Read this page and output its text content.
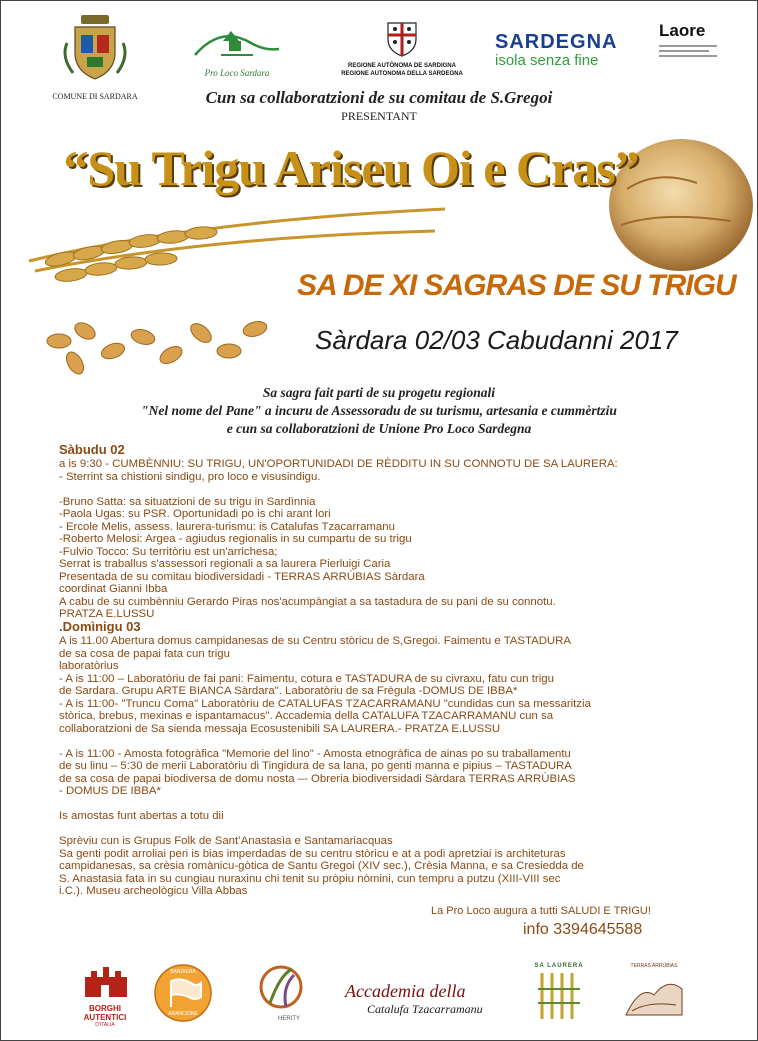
COMUNE DI SARDARA
Pro Loco Sardara
REGIONE AUTÒNOMA DE SARDIGNA
REGIONE AUTONOMA DELLA SARDEGNA
SARDEGNA
isola senza fine
Laore
Cun sa collaboratzioni de su comitau de S.Gregoi
PRESENTANT
“Su Trigu Ariseu Oi e Cras”
SA DE XI SAGRAS DE SU TRIGU
Sàrdara 02/03 Cabudanni 2017
Sa sagra fait parti de su progetu regionali
"Nel nome del Pane" a incuru de Assessoradu de su turismu, artesania e cummèrtziu
e cun sa collaboratzioni de Unione Pro Loco Sardegna
Sàbudu 02
a is 9:30 - CUMBÈNNIU: SU TRIGU, UN'OPORTUNIDADI DE RÈDDITU IN SU CONNOTU DE SA LAURERA:
- Sterrint sa chistioni sindigu, pro loco e visusindigu.

-Bruno Satta: sa situatzioni de su trigu in Sardìnnia
-Paola Ugas: su PSR. Oportunidadi po is chi arant lori
- Ercole Melis, assess. laurera-turismu: is Catalufas Tzacarramanu
-Roberto Melosi: Argea - agiudus regionalis in su cumpartu de su trigu
-Fulvio Tocco: Su territòriu est un'arrichesa;
Serrat is traballus s'assessori regionali a sa laurera Pierluigi Caria
Presentada de su comitau biodiversidadi - TERRAS ARRÙBIAS Sàrdara
coordinat Gianni Ibba
A cabu de su cumbènniu Gerardo Piras nos'acumpàngiat a sa tastadura de su pani de su connotu.
PRATZA E.LUSSU
.Domìnigu 03
A is 11.00 Abertura domus campidanesas de su Centru stòricu de S,Gregoi. Faimentu e TASTADURA
de sa cosa de papai fata cun trigu
laboratòrius
- A is 11:00 – Laboratòriu de fai pani: Faimentu, cotura e TASTADURA de su civraxu, fatu cun trigu
de Sardara. Grupu ARTE BIANCA Sàrdara". Laboratòriu de sa Frègula -DOMUS DE IBBA*
- A is 11:00- "Truncu Coma" Laboratòriu de CATALUFAS TZACARRAMANU "cundidas cun sa messaritzia
stòrica, brebus, mexinas e ispantamacus". Accademia della CATALUFA TZACARRAMANU cun sa
collaboratzioni de Sa sienda messaja Ecosustenibili SA LAURERA.- PRATZA E.LUSSU

- A is 11:00 - Amosta fotogràfica "Memorie del lino" - Amosta etnogràfica de ainas po su traballamentu
de su linu – 5:30 de merii Laboratòriu di Tingidura de sa lana, po genti manna e pipius – TASTADURA
de sa cosa de papai biodiversa de domu nosta –- Obreria biodiversidadi Sàrdara TERRAS ARRÙBIAS
- DOMUS DE IBBA*

Is amostas funt abertas a totu dii

Sprèviu cun is Grupus Folk de Sant’Anastasìa e Santamariacquas
Sa genti podit arroliai peri is bias imperdadas de su centru stòricu e at a podi apretziai is architeturas
campidanesas, sa crèsia romànicu-gòtica de Santu Gregoi (XIV sec.), Crèsia Manna, e sa Cresiedda de
S. Anastasia fata in su cungiau nuraxinu chi tenit su pròpiu nòmini, cun tempru a putzu (XIII-VIII sec
i.C.). Museu archeològicu Villa Abbas
La Pro Loco augura a tutti SALUDI E TRIGU!
info 3394645588
BORGHI
AUTENTICI
D'ITALIA
BANDIERA
ARANCIONE
HERITY
Accademia della
Catalufa Tzacarramanu
SA LAURERA	TERRAS ARRÙBIAS
